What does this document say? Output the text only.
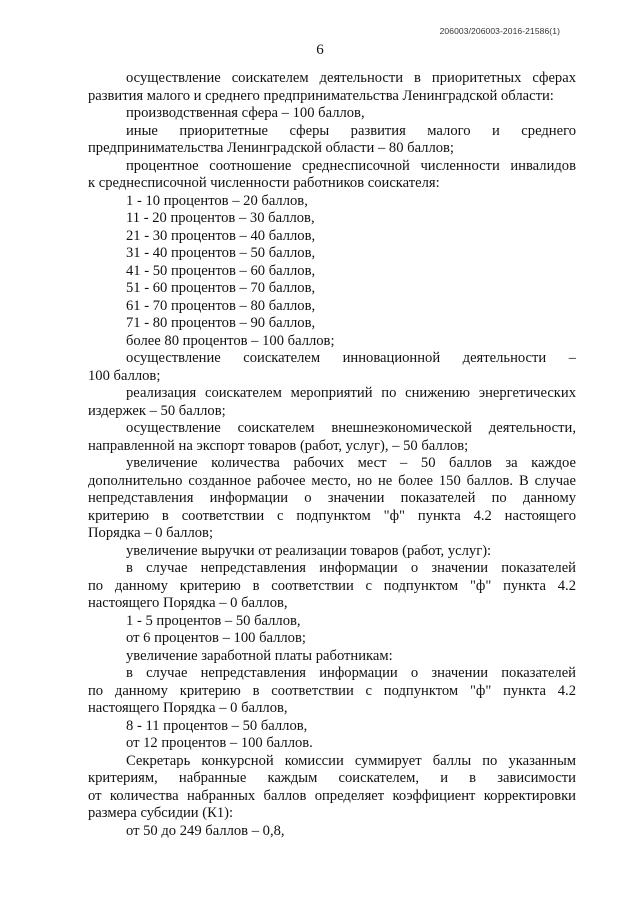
206003/206003-2016-21586(1)
6
осуществление соискателем деятельности в приоритетных сферах
развития малого и среднего предпринимательства Ленинградской области:
производственная сфера – 100 баллов,
иные приоритетные сферы развития малого и среднего
предпринимательства Ленинградской области – 80 баллов;
процентное соотношение среднесписочной численности инвалидов
к среднесписочной численности работников соискателя:
1 - 10 процентов – 20 баллов,
11 - 20 процентов – 30 баллов,
21 - 30 процентов – 40 баллов,
31 - 40 процентов – 50 баллов,
41 - 50 процентов – 60 баллов,
51 - 60 процентов – 70 баллов,
61 - 70 процентов – 80 баллов,
71 - 80 процентов – 90 баллов,
более 80 процентов – 100 баллов;
осуществление соискателем инновационной деятельности –
100 баллов;
реализация соискателем мероприятий по снижению энергетических
издержек – 50 баллов;
осуществление соискателем внешнеэкономической деятельности,
направленной на экспорт товаров (работ, услуг), – 50 баллов;
увеличение количества рабочих мест – 50 баллов за каждое
дополнительно созданное рабочее место, но не более 150 баллов. В случае
непредставления информации о значении показателей по данному
критерию в соответствии с подпунктом "ф" пункта 4.2 настоящего
Порядка – 0 баллов;
увеличение выручки от реализации товаров (работ, услуг):
в случае непредставления информации о значении показателей
по данному критерию в соответствии с подпунктом "ф" пункта 4.2
настоящего Порядка – 0 баллов,
1 - 5 процентов – 50 баллов,
от 6 процентов – 100 баллов;
увеличение заработной платы работникам:
в случае непредставления информации о значении показателей
по данному критерию в соответствии с подпунктом "ф" пункта 4.2
настоящего Порядка – 0 баллов,
8 - 11 процентов – 50 баллов,
от 12 процентов – 100 баллов.
Секретарь конкурсной комиссии суммирует баллы по указанным
критериям, набранные каждым соискателем, и в зависимости
от количества набранных баллов определяет коэффициент корректировки
размера субсидии (К1):
от 50 до 249 баллов – 0,8,
